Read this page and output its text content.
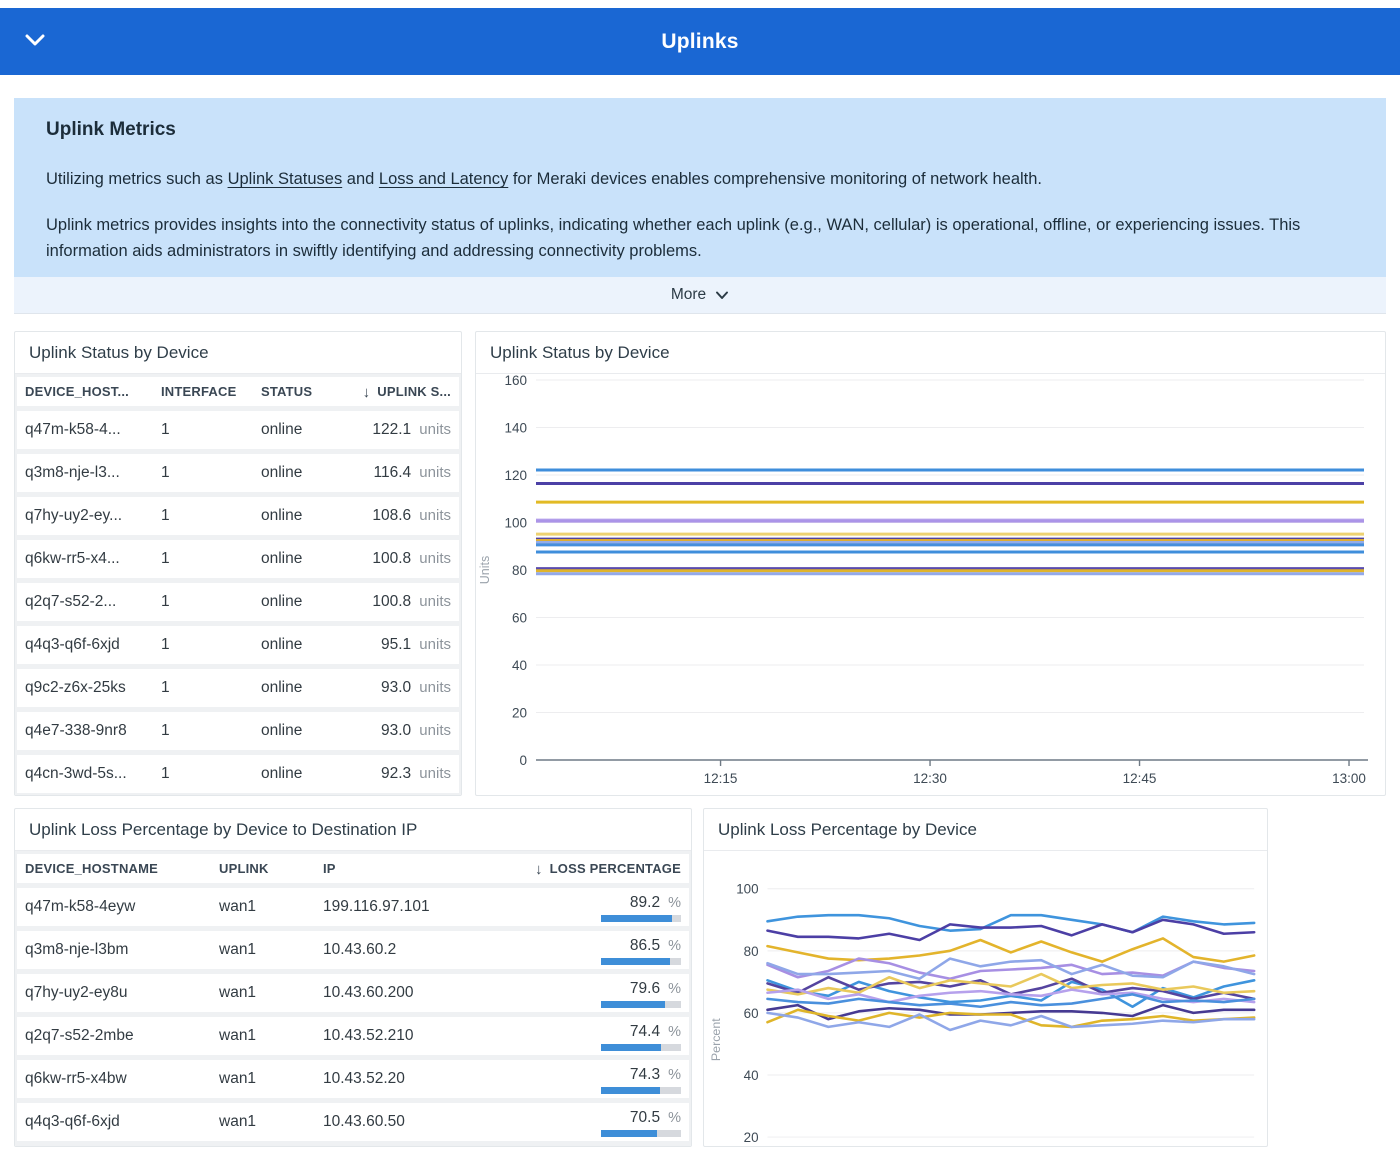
Uplinks
Uplink Metrics

Utilizing metrics such as Uplink Statuses and Loss and Latency for Meraki devices enables comprehensive monitoring of network health.

Uplink metrics provides insights into the connectivity status of uplinks, indicating whether each uplink (e.g., WAN, cellular) is operational, offline, or experiencing issues. This information aids administrators in swiftly identifying and addressing connectivity problems.

More
Uplink Status by Device
DEVICE_HOST...	INTERFACE	STATUS	↓ UPLINK S...
q47m-k58-4...	1	online	122.1 units
q3m8-nje-l3...	1	online	116.4 units
q7hy-uy2-ey...	1	online	108.6 units
q6kw-rr5-x4...	1	online	100.8 units
q2q7-s52-2...	1	online	100.8 units
q4q3-q6f-6xjd	1	online	95.1 units
q9c2-z6x-25ks	1	online	93.0 units
q4e7-338-9nr8	1	online	93.0 units
q4cn-3wd-5s...	1	online	92.3 units
Uplink Status by Device
0
20
40
60
80
100
120
140
160
12:15	12:30	12:45	13:00
Units
Uplink Loss Percentage by Device to Destination IP
DEVICE_HOSTNAME	UPLINK	IP	↓ LOSS PERCENTAGE
q47m-k58-4eyw	wan1	199.116.97.101	89.2 %
q3m8-nje-l3bm	wan1	10.43.60.2	86.5 %
q7hy-uy2-ey8u	wan1	10.43.60.200	79.6 %
q2q7-s52-2mbe	wan1	10.43.52.210	74.4 %
q6kw-rr5-x4bw	wan1	10.43.52.20	74.3 %
q4q3-q6f-6xjd	wan1	10.43.60.50	70.5 %
Uplink Loss Percentage by Device
100
80
60
40
20
Percent
